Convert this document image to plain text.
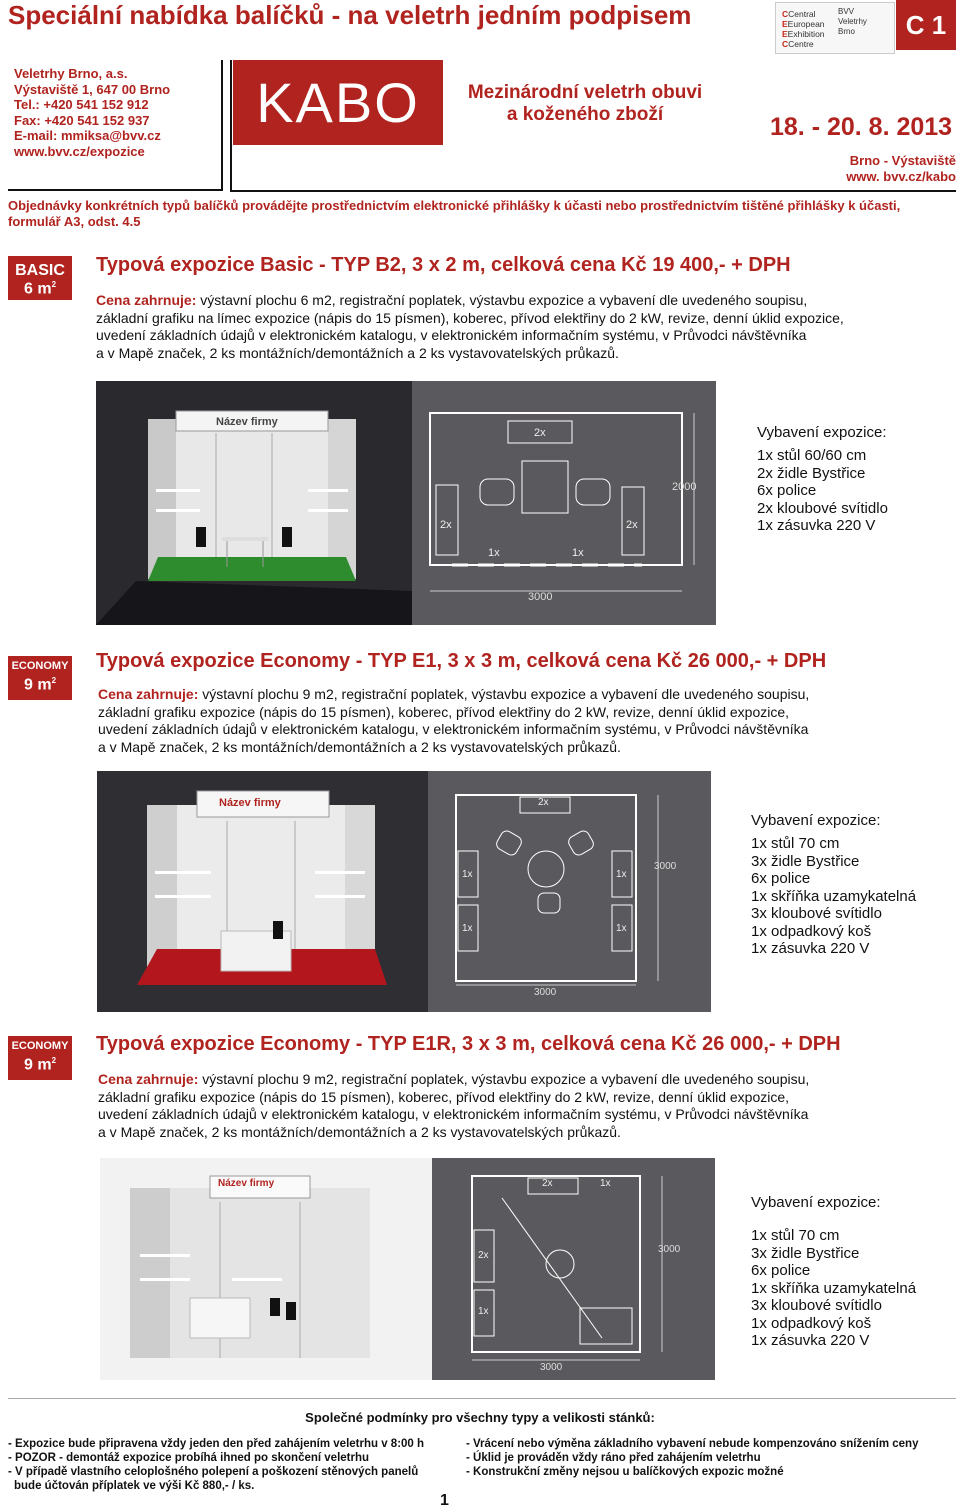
Speciální nabídka balíčků - na veletrh jedním podpisem	CCentral
EEuropean
EExhibition
CCentre
BVV
Veletrhy
Brno	C 1
Veletrhy Brno, a.s.
Výstaviště 1, 647 00 Brno
Tel.: +420 541 152 912
Fax: +420 541 152 937
E-mail: mmiksa@bvv.cz
www.bvv.cz/expozice
KABO	Mezinárodní veletrh obuvi
a koženého zboží	18. - 20. 8. 2013
Brno - Výstaviště
www. bvv.cz/kabo
Objednávky konkrétních typů balíčků provádějte prostřednictvím elektronické přihlášky k účasti nebo prostřednictvím tištěné přihlášky k účasti, formulář A3, odst. 4.5
BASIC
6 $m^2$
Typová expozice Basic - TYP B2, 3 x 2 m, celková cena Kč 19 400,- + DPH
Cena zahrnuje: výstavní plochu 6 m2, registrační poplatek, výstavbu expozice a vybavení dle uvedeného soupisu,
základní grafiku na límec expozice (nápis do 15 písmen), koberec, přívod elektřiny do 2 kW, revize, denní úklid expozice,
uvedení základních údajů v elektronickém katalogu, v elektronickém informačním systému, v Průvodci návštěvníka
a v Mapě značek, 2 ks montážních/demontážních a 2 ks vystavovatelských průkazů.
Název firmy
2x
2x	2x
1x	1x
3000
2000
Vybavení expozice:
1x stůl 60/60 cm
2x židle Bystřice
6x police
2x kloubové svítidlo
1x zásuvka 220 V
ECONOMY
9 $m^2$
Typová expozice Economy - TYP E1, 3 x 3 m, celková cena Kč 26 000,- + DPH
Cena zahrnuje: výstavní plochu 9 m2, registrační poplatek, výstavbu expozice a vybavení dle uvedeného soupisu,
základní grafiku expozice (nápis do 15 písmen), koberec, přívod elektřiny do 2 kW, revize, denní úklid expozice,
uvedení základních údajů v elektronickém katalogu, v elektronickém informačním systému, v Průvodci návštěvníka
a v Mapě značek, 2 ks montážních/demontážních a 2 ks vystavovatelských průkazů.
Název firmy	2x
1x
1x
1x
1x
3000
3000
Vybavení expozice:
1x stůl 70 cm
3x židle Bystřice
6x police
1x skříňka uzamykatelná
3x kloubové svítidlo
1x odpadkový koš
1x zásuvka 220 V
ECONOMY
9 $m^2$
Typová expozice Economy - TYP E1R, 3 x 3 m, celková cena Kč 26 000,- + DPH
Cena zahrnuje: výstavní plochu 9 m2, registrační poplatek, výstavbu expozice a vybavení dle uvedeného soupisu,
základní grafiku expozice (nápis do 15 písmen), koberec, přívod elektřiny do 2 kW, revize, denní úklid expozice,
uvedení základních údajů v elektronickém katalogu, v elektronickém informačním systému, v Průvodci návštěvníka
a v Mapě značek, 2 ks montážních/demontážních a 2 ks vystavovatelských průkazů.
Název firmy	2x	1x
2x
1x
3000
3000
Vybavení expozice:
1x stůl 70 cm
3x židle Bystřice
6x police
1x skříňka uzamykatelná
3x kloubové svítidlo
1x odpadkový koš
1x zásuvka 220 V
Společné podmínky pro všechny typy a velikosti stánků:
- Expozice bude připravena vždy jeden den před zahájením veletrhu v 8:00 h
- POZOR - demontáž expozice probíhá ihned po skončení veletrhu
- V případě vlastního celoplošného polepení a poškození stěnových panelů
bude účtován příplatek ve výši Kč 880,- / ks.
- Vrácení nebo výměna základního vybavení nebude kompenzováno snížením ceny
- Úklid je prováděn vždy ráno před zahájením veletrhu
- Konstrukční změny nejsou u balíčkových expozic možné
1
